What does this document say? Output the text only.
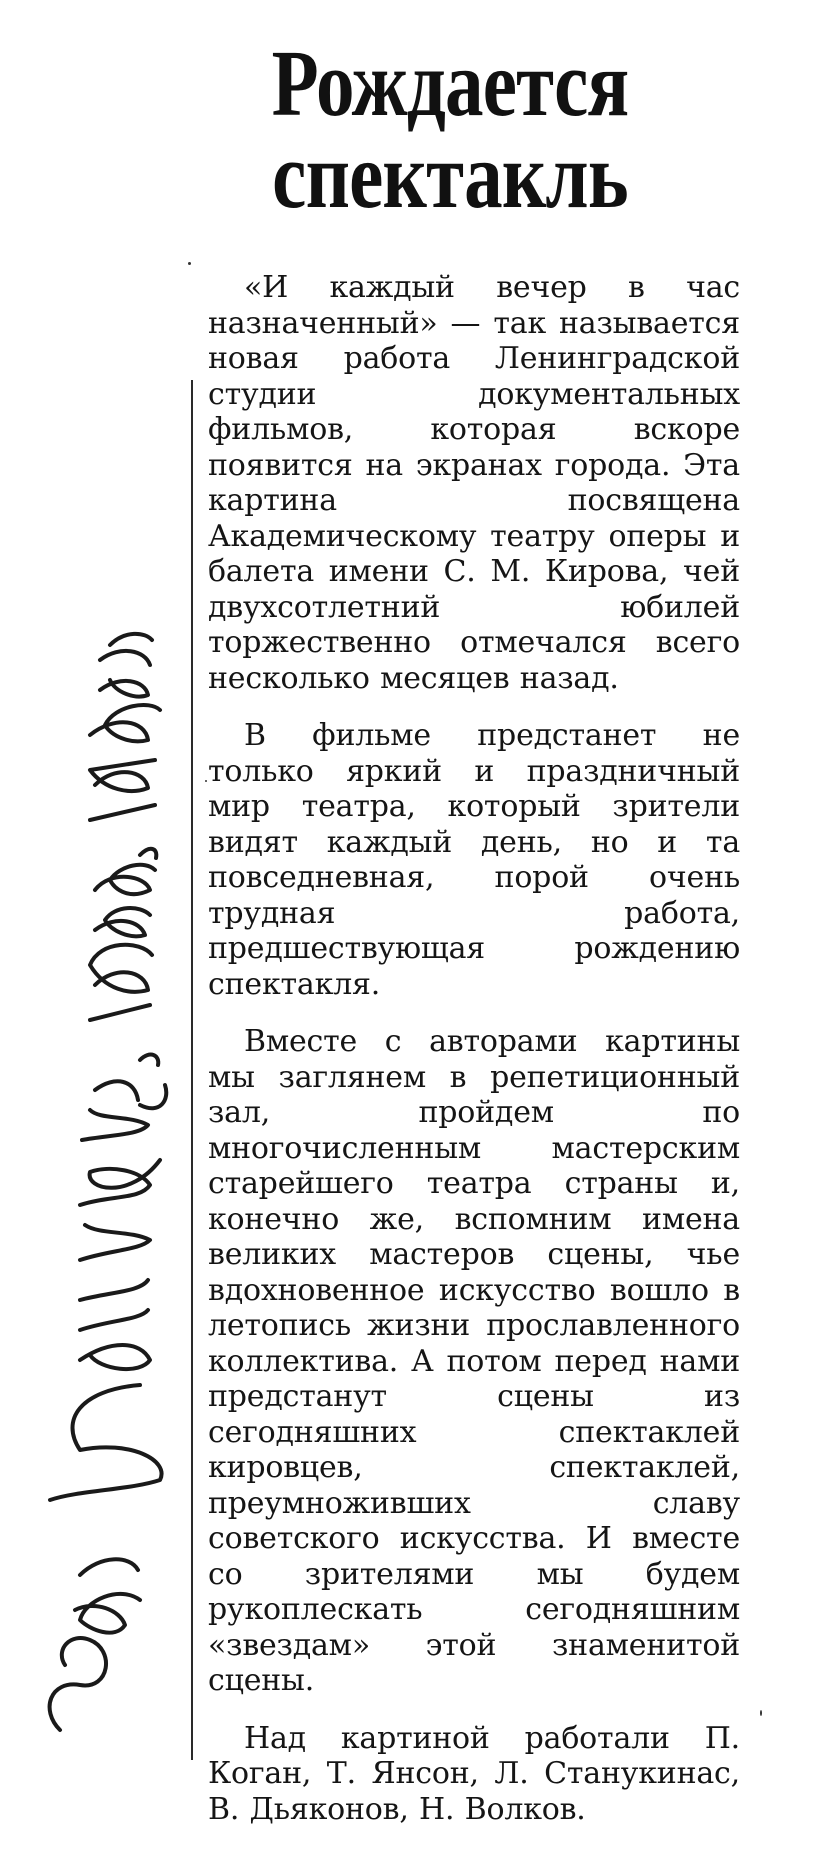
Рождается
спектакль

«И каждый вечер в час назначенный» — так называется новая работа Ленинградской студии документальных фильмов, которая вскоре появится на экранах города. Эта картина посвящена Академическому театру оперы и балета имени С. М. Кирова, чей двухсотлетний юбилей торжественно отмечался всего несколько месяцев назад.

В фильме предстанет не только яркий и праздничный мир театра, который зрители видят каждый день, но и та повседневная, порой очень трудная работа, предшествующая рождению спектакля.

Вместе с авторами картины мы заглянем в репетиционный зал, пройдем по многочисленным мастерским старейшего театра страны и, конечно же, вспомним имена великих мастеров сцены, чье вдохновенное искусство вошло в летопись жизни прославленного коллектива. А потом перед нами предстанут сцены из сегодняшних спектаклей кировцев, спектаклей, преумноживших славу советского искусства. И вместе со зрителями мы будем рукоплескать сегодняшним «звездам» этой знаменитой сцены.

Над картиной работали П. Коган, Т. Янсон, Л. Станукинас, В. Дьяконов, Н. Волков.
